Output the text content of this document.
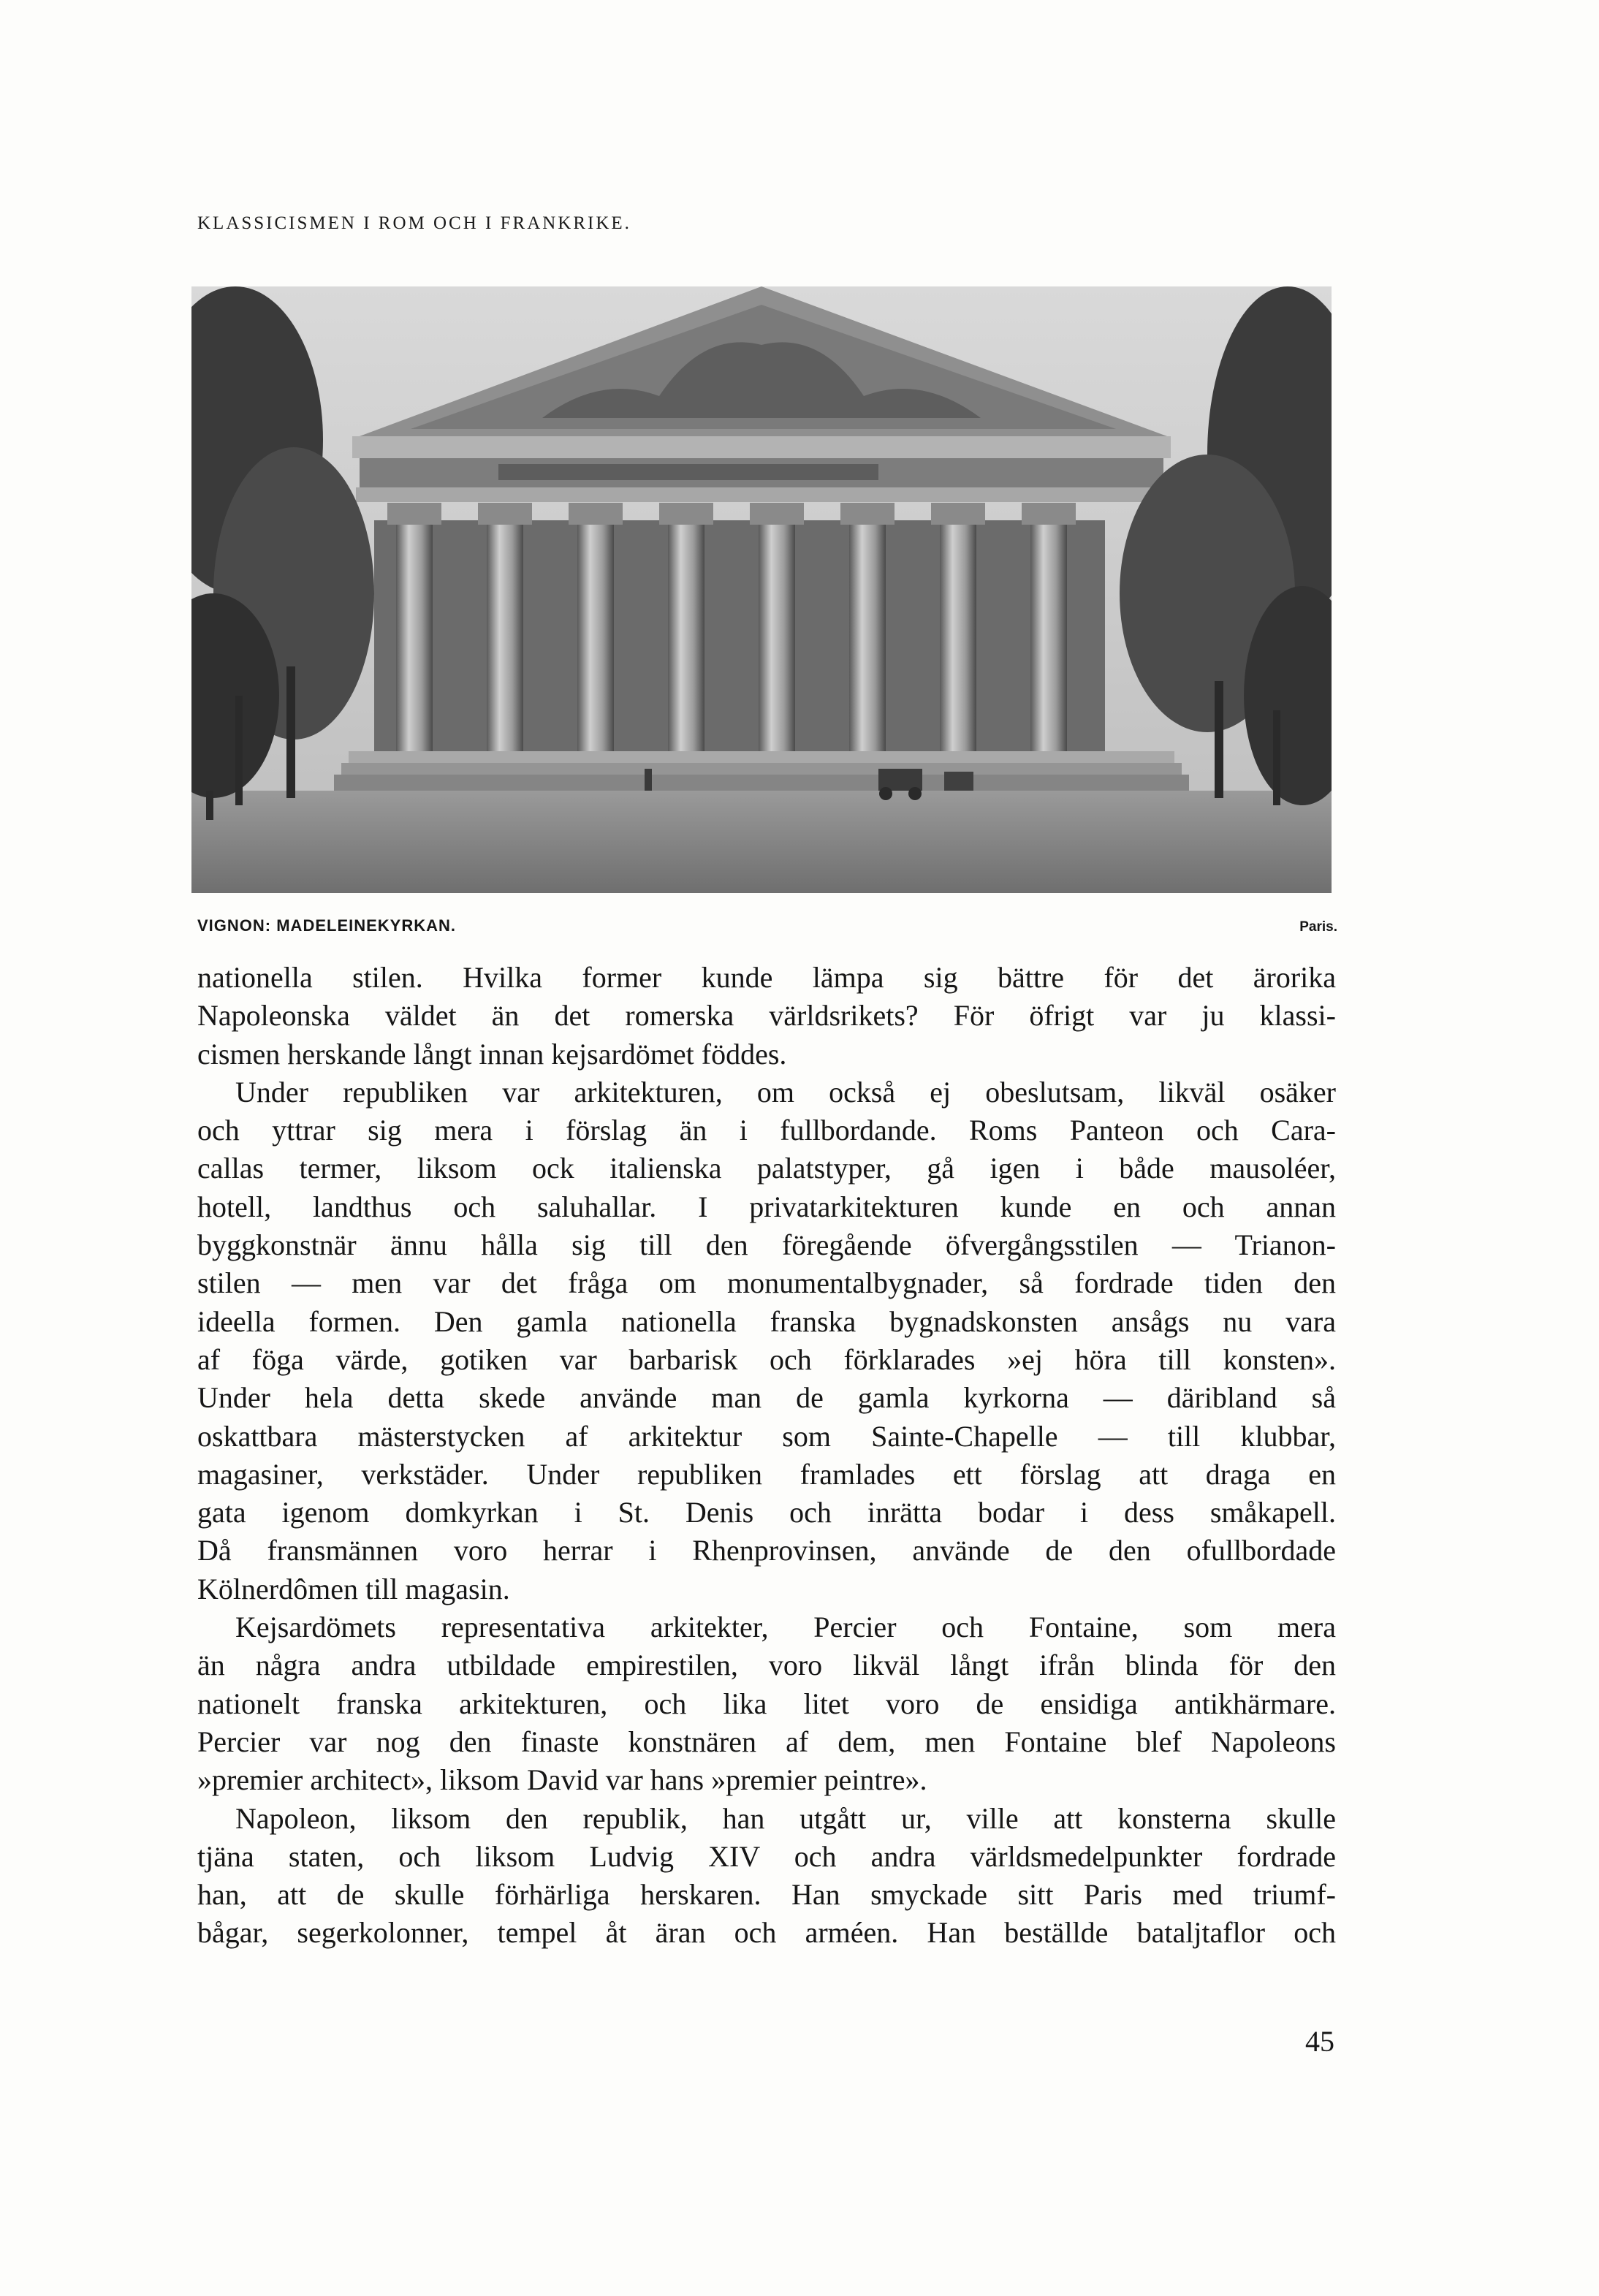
KLASSICISMEN I ROM OCH I FRANKRIKE.
VIGNON: MADELEINEKYRKAN.	Paris.
nationella stilen. Hvilka former kunde lämpa sig bättre för det ärorika
Napoleonska väldet än det romerska världsrikets? För öfrigt var ju klassi-
cismen herskande långt innan kejsardömet föddes.
Under republiken var arkitekturen, om också ej obeslutsam, likväl osäker
och yttrar sig mera i förslag än i fullbordande. Roms Panteon och Cara-
callas termer, liksom ock italienska palatstyper, gå igen i både mausoléer,
hotell, landthus och saluhallar. I privatarkitekturen kunde en och annan
byggkonstnär ännu hålla sig till den föregående öfvergångsstilen — Trianon-
stilen — men var det fråga om monumentalbygnader, så fordrade tiden den
ideella formen. Den gamla nationella franska bygnadskonsten ansågs nu vara
af föga värde, gotiken var barbarisk och förklarades »ej höra till konsten».
Under hela detta skede använde man de gamla kyrkorna — däribland så
oskattbara mästerstycken af arkitektur som Sainte-Chapelle — till klubbar,
magasiner, verkstäder. Under republiken framlades ett förslag att draga en
gata igenom domkyrkan i St. Denis och inrätta bodar i dess småkapell.
Då fransmännen voro herrar i Rhenprovinsen, använde de den ofullbordade
Kölnerdômen till magasin.
Kejsardömets representativa arkitekter, Percier och Fontaine, som mera
än några andra utbildade empirestilen, voro likväl långt ifrån blinda för den
nationelt franska arkitekturen, och lika litet voro de ensidiga antikhärmare.
Percier var nog den finaste konstnären af dem, men Fontaine blef Napoleons
»premier architect», liksom David var hans »premier peintre».
Napoleon, liksom den republik, han utgått ur, ville att konsterna skulle
tjäna staten, och liksom Ludvig XIV och andra världsmedelpunkter fordrade
han, att de skulle förhärliga herskaren. Han smyckade sitt Paris med triumf-
bågar, segerkolonner, tempel åt äran och arméen. Han beställde bataljtaflor och
45
